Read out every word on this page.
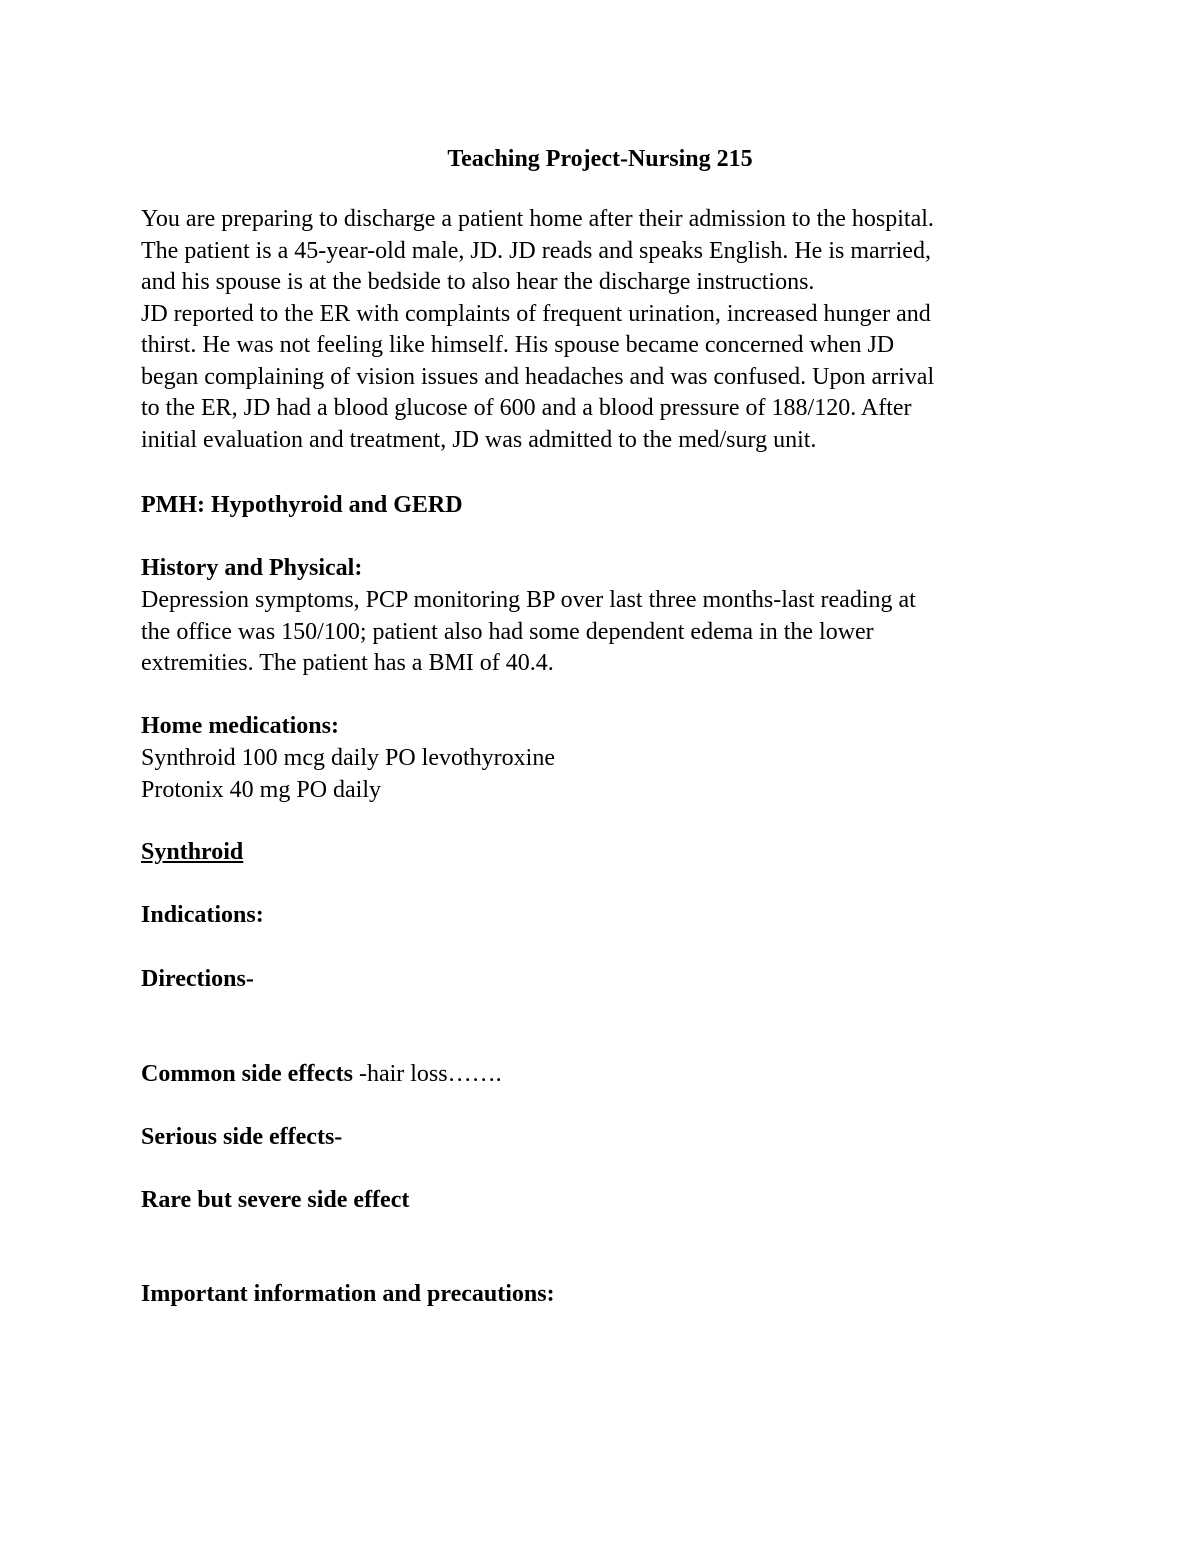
Teaching Project-Nursing 215
You are preparing to discharge a patient home after their admission to the hospital.
The patient is a 45-year-old male, JD. JD reads and speaks English. He is married,
and his spouse is at the bedside to also hear the discharge instructions.
JD reported to the ER with complaints of frequent urination, increased hunger and
thirst. He was not feeling like himself. His spouse became concerned when JD
began complaining of vision issues and headaches and was confused. Upon arrival
to the ER, JD had a blood glucose of 600 and a blood pressure of 188/120. After
initial evaluation and treatment, JD was admitted to the med/surg unit.
PMH: Hypothyroid and GERD
History and Physical:
Depression symptoms, PCP monitoring BP over last three months-last reading at
the office was 150/100; patient also had some dependent edema in the lower
extremities. The patient has a BMI of 40.4.
Home medications:
Synthroid 100 mcg daily PO levothyroxine
Protonix 40 mg PO daily
Synthroid
Indications:
Directions-
Common side effects -hair loss…….
Serious side effects-
Rare but severe side effect
Important information and precautions:
